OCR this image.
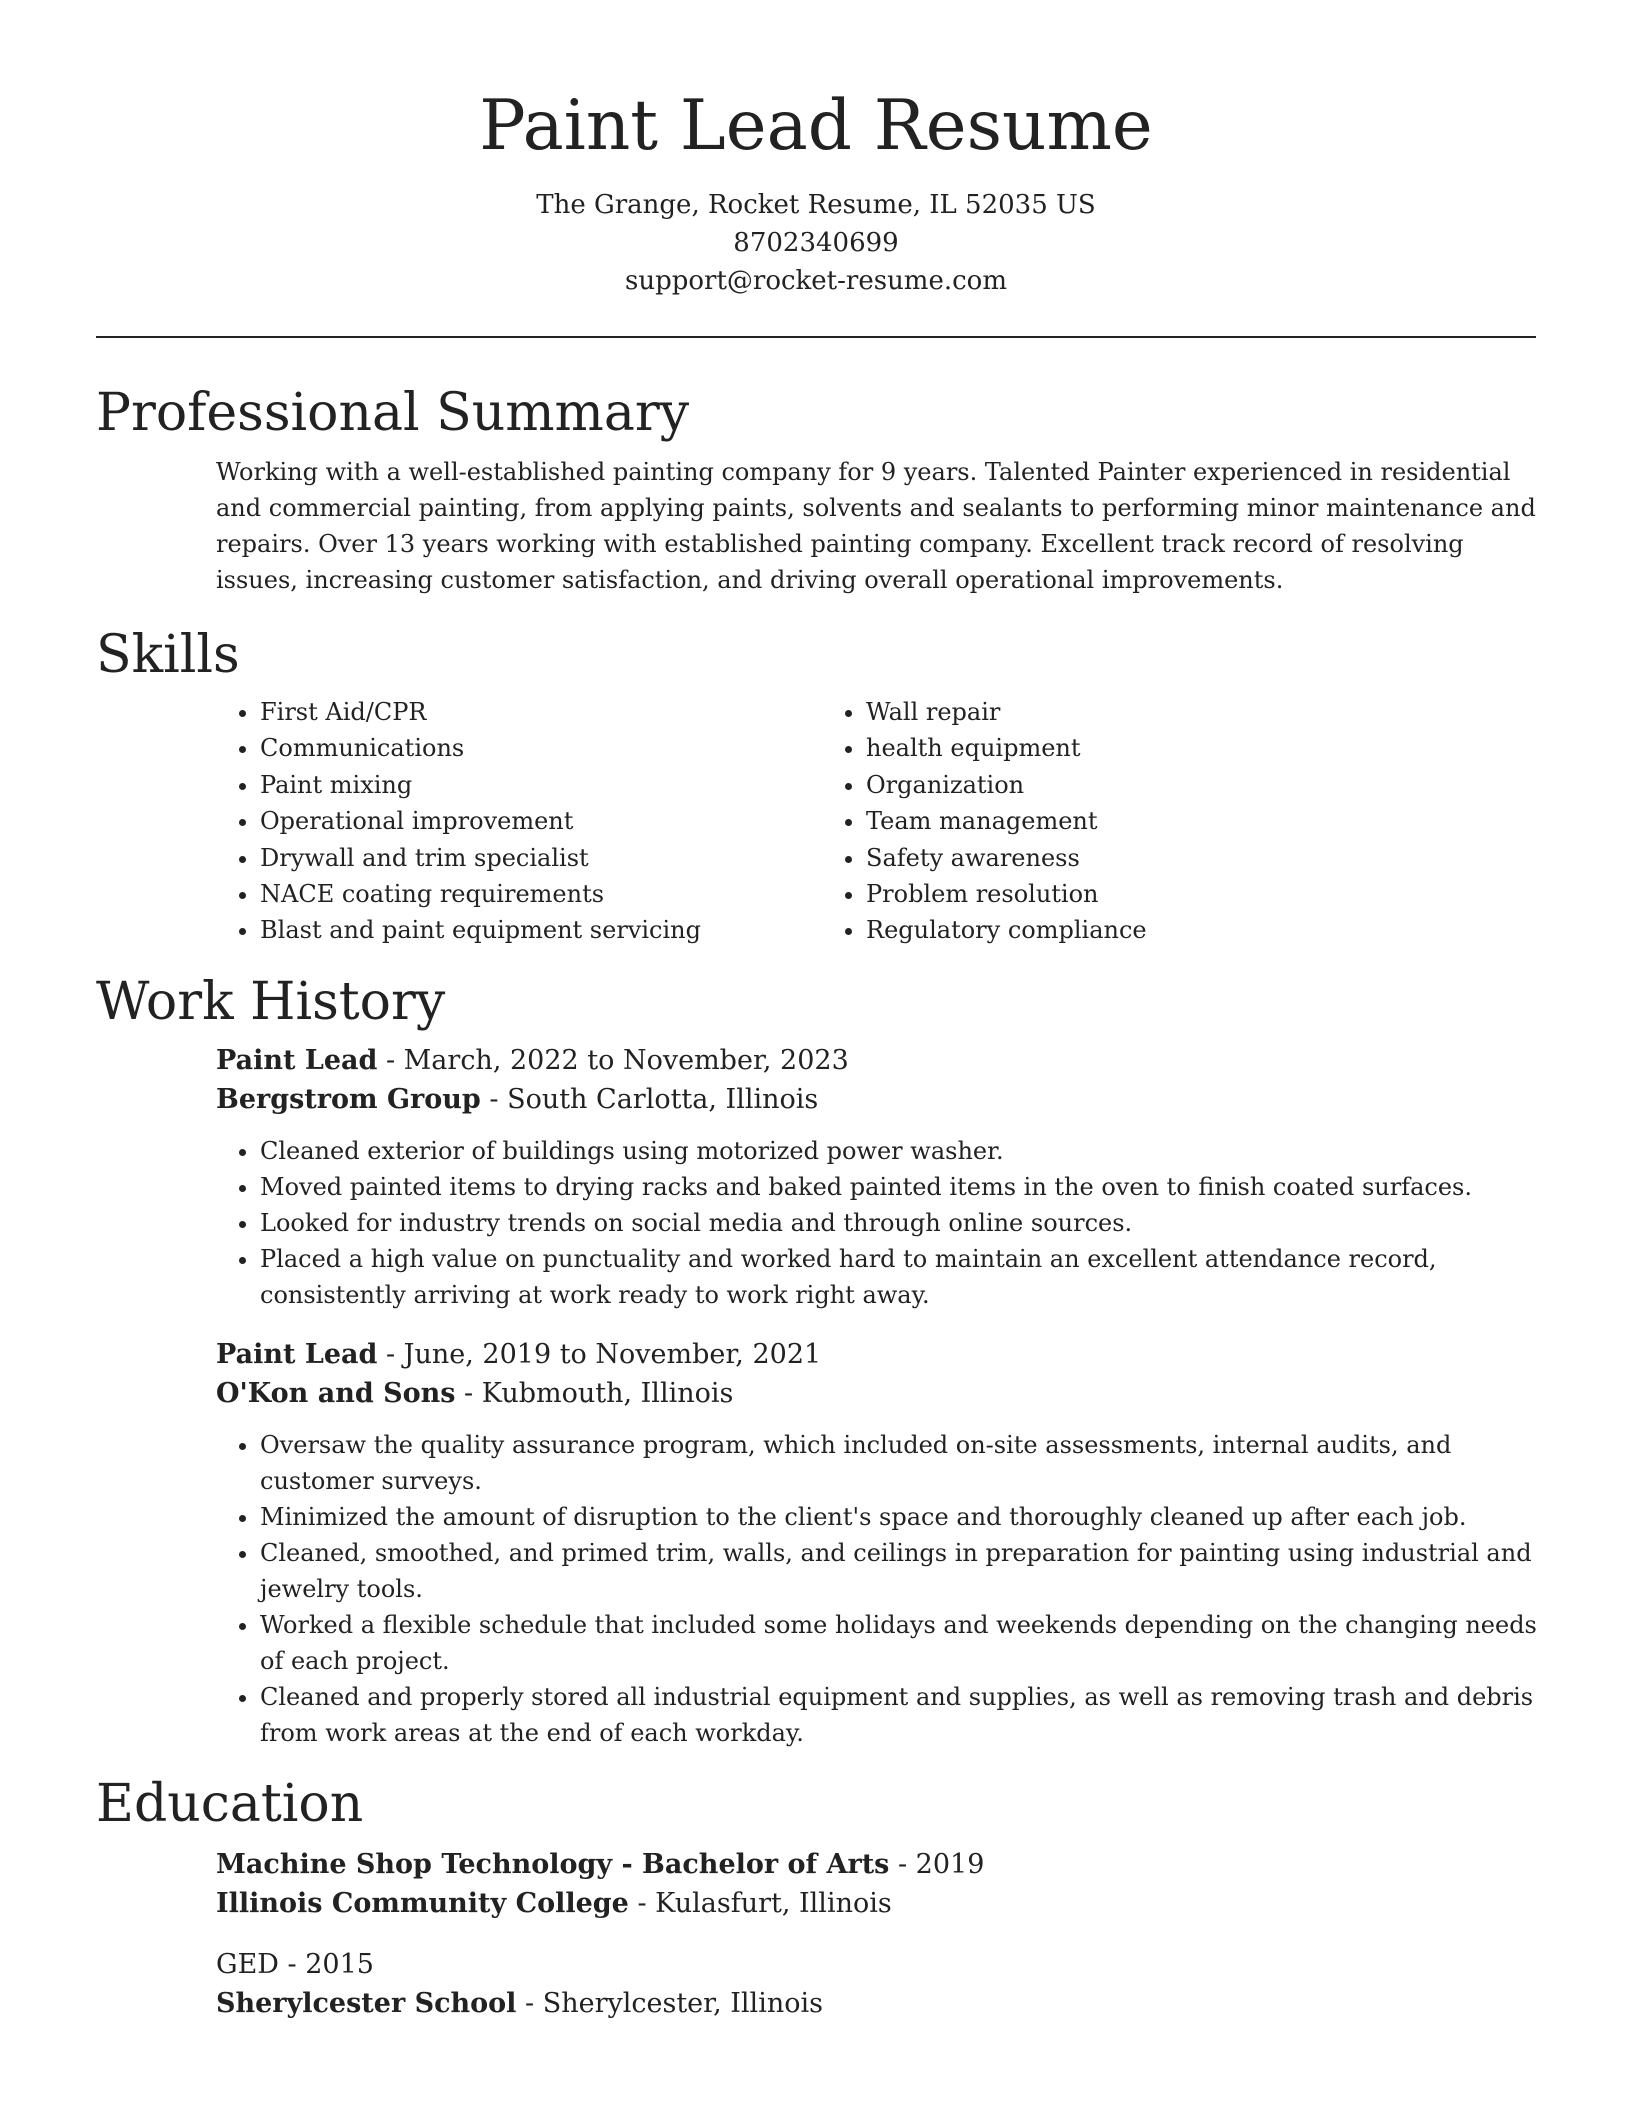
Paint Lead Resume
The Grange, Rocket Resume, IL 52035 US
8702340699
support@rocket-resume.com
Professional Summary

Working with a well-established painting company for 9 years. Talented Painter experienced in residential and commercial painting, from applying paints, solvents and sealants to performing minor maintenance and repairs. Over 13 years working with established painting company. Excellent track record of resolving issues, increasing customer satisfaction, and driving overall operational improvements.

Skills
• First Aid/CPR
• Communications
• Paint mixing
• Operational improvement
• Drywall and trim specialist
• NACE coating requirements
• Blast and paint equipment servicing
• Wall repair
• health equipment
• Organization
• Team management
• Safety awareness
• Problem resolution
• Regulatory compliance
Work History
Paint Lead - March, 2022 to November, 2023
Bergstrom Group - South Carlotta, Illinois
• Cleaned exterior of buildings using motorized power washer.
• Moved painted items to drying racks and baked painted items in the oven to finish coated surfaces.
• Looked for industry trends on social media and through online sources.
• Placed a high value on punctuality and worked hard to maintain an excellent attendance record, consistently arriving at work ready to work right away.
Paint Lead - June, 2019 to November, 2021
O'Kon and Sons - Kubmouth, Illinois
• Oversaw the quality assurance program, which included on-site assessments, internal audits, and customer surveys.
• Minimized the amount of disruption to the client's space and thoroughly cleaned up after each job.
• Cleaned, smoothed, and primed trim, walls, and ceilings in preparation for painting using industrial and jewelry tools.
• Worked a flexible schedule that included some holidays and weekends depending on the changing needs of each project.
• Cleaned and properly stored all industrial equipment and supplies, as well as removing trash and debris from work areas at the end of each workday.
Education
Machine Shop Technology - Bachelor of Arts - 2019
Illinois Community College - Kulasfurt, Illinois
GED - 2015
Sherylcester School - Sherylcester, Illinois
